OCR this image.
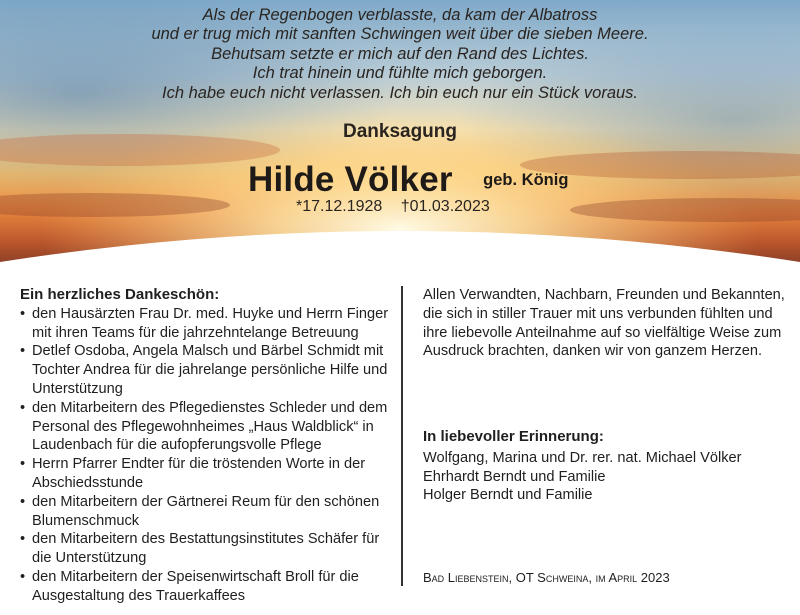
Als der Regenbogen verblasste, da kam der Albatross
und er trug mich mit sanften Schwingen weit über die sieben Meere.
Behutsam setzte er mich auf den Rand des Lichtes.
Ich trat hinein und fühlte mich geborgen.
Ich habe euch nicht verlassen. Ich bin euch nur ein Stück voraus.
Danksagung
Hilde Völker geb. König
*17.12.1928 †01.03.2023
Ein herzliches Dankeschön:
• den Hausärzten Frau Dr. med. Huyke und Herrn Finger mit ihren Teams für die jahrzehntelange Betreuung
• Detlef Osdoba, Angela Malsch und Bärbel Schmidt mit Tochter Andrea für die jahrelange persönliche Hilfe und Unterstützung
• den Mitarbeitern des Pflegedienstes Schleder und dem Personal des Pflegewohnheimes „Haus Waldblick“ in Laudenbach für die aufopferungsvolle Pflege
• Herrn Pfarrer Endter für die tröstenden Worte in der Abschiedsstunde
• den Mitarbeitern der Gärtnerei Reum für den schönen Blumenschmuck
• den Mitarbeitern des Bestattungsinstitutes Schäfer für die Unterstützung
• den Mitarbeitern der Speisenwirtschaft Broll für die Ausgestaltung des Trauerkaffees

Allen Verwandten, Nachbarn, Freunden und Bekannten, die sich in stiller Trauer mit uns verbunden fühlten und ihre liebevolle Anteilnahme auf so vielfältige Weise zum Ausdruck brachten, danken wir von ganzem Herzen.

In liebevoller Erinnerung:
Wolfgang, Marina und Dr. rer. nat. Michael Völker
Ehrhardt Berndt und Familie
Holger Berndt und Familie
Bad Liebenstein, OT Schweina, im April 2023
